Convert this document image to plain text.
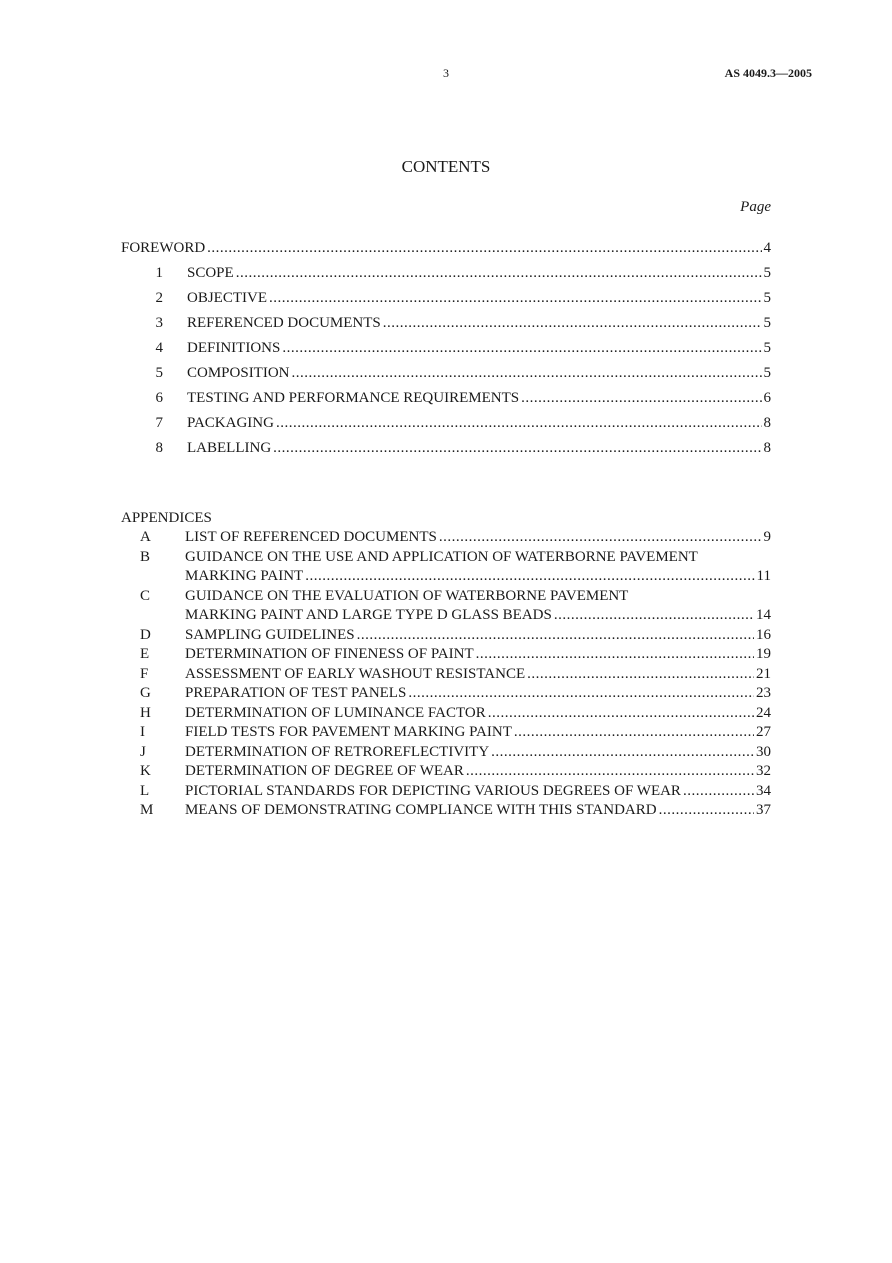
3	AS 4049.3—2005
CONTENTS
Page
FOREWORD .....	4
1	SCOPE .....	5
2	OBJECTIVE .....	5
3	REFERENCED DOCUMENTS .....	5
4	DEFINITIONS .....	5
5	COMPOSITION .....	5
6	TESTING AND PERFORMANCE REQUIREMENTS .....	6
7	PACKAGING .....	8
8	LABELLING .....	8
APPENDICES
A	LIST OF REFERENCED DOCUMENTS .....	9
B	GUIDANCE ON THE USE AND APPLICATION OF WATERBORNE PAVEMENT
MARKING PAINT .....	11
C	GUIDANCE ON THE EVALUATION OF WATERBORNE PAVEMENT
MARKING PAINT AND LARGE TYPE D GLASS BEADS .....	14
D	SAMPLING GUIDELINES .....	16
E	DETERMINATION OF FINENESS OF PAINT .....	19
F	ASSESSMENT OF EARLY WASHOUT RESISTANCE .....	21
G	PREPARATION OF TEST PANELS .....	23
H	DETERMINATION OF LUMINANCE FACTOR .....	24
I	FIELD TESTS FOR PAVEMENT MARKING PAINT .....	27
J	DETERMINATION OF RETROREFLECTIVITY .....	30
K	DETERMINATION OF DEGREE OF WEAR .....	32
L	PICTORIAL STANDARDS FOR DEPICTING VARIOUS DEGREES OF WEAR .....	34
M	MEANS OF DEMONSTRATING COMPLIANCE WITH THIS STANDARD .....	37
